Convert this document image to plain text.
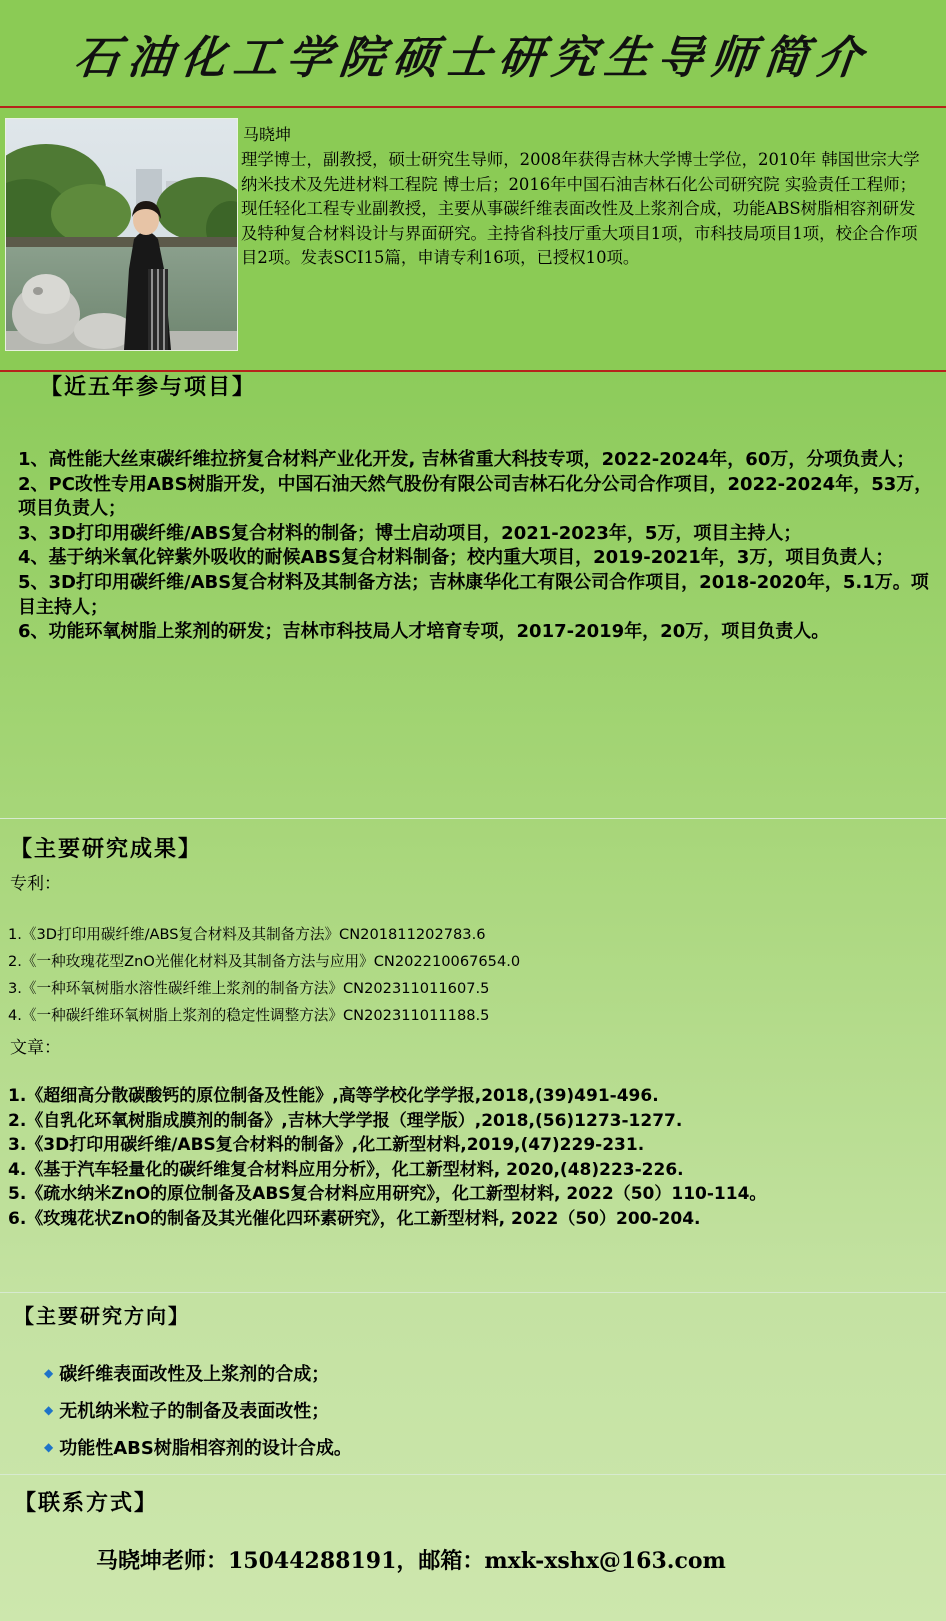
石油化工学院硕士研究生导师简介
马晓坤

理学博士，副教授，硕士研究生导师，2008年获得吉林大学博士学位，2010年 韩国世宗大学 纳米技术及先进材料工程院 博士后；2016年中国石油吉林石化公司研究院 实验责任工程师； 现任轻化工程专业副教授，主要从事碳纤维表面改性及上浆剂合成，功能ABS树脂相容剂研发及特种复合材料设计与界面研究。主持省科技厅重大项目1项，市科技局项目1项，校企合作项目2项。发表SCI15篇，申请专利16项，已授权10项。

【近五年参与项目】
1、高性能大丝束碳纤维拉挤复合材料产业化开发, 吉林省重大科技专项，2022-2024年，60万，分项负责人；
2、PC改性专用ABS树脂开发，中国石油天然气股份有限公司吉林石化分公司合作项目，2022-2024年，53万，项目负责人；
3、3D打印用碳纤维/ABS复合材料的制备；博士启动项目，2021-2023年，5万，项目主持人；
4、基于纳米氧化锌紫外吸收的耐候ABS复合材料制备；校内重大项目，2019-2021年，3万，项目负责人；
5、3D打印用碳纤维/ABS复合材料及其制备方法；吉林康华化工有限公司合作项目，2018-2020年，5.1万。项目主持人；
6、功能环氧树脂上浆剂的研发；吉林市科技局人才培育专项，2017-2019年，20万，项目负责人。
【主要研究成果】
专利：
1.《3D打印用碳纤维/ABS复合材料及其制备方法》CN201811202783.6
2.《一种玫瑰花型ZnO光催化材料及其制备方法与应用》CN202210067654.0
3.《一种环氧树脂水溶性碳纤维上浆剂的制备方法》CN202311011607.5
4.《一种碳纤维环氧树脂上浆剂的稳定性调整方法》CN202311011188.5
文章：
1.《超细高分散碳酸钙的原位制备及性能》,高等学校化学学报,2018,(39)491-496.
2.《自乳化环氧树脂成膜剂的制备》,吉林大学学报（理学版）,2018,(56)1273-1277.
3.《3D打印用碳纤维/ABS复合材料的制备》,化工新型材料,2019,(47)229-231.
4.《基于汽车轻量化的碳纤维复合材料应用分析》，化工新型材料, 2020,(48)223-226.
5.《疏水纳米ZnO的原位制备及ABS复合材料应用研究》，化工新型材料, 2022（50）110-114。
6.《玫瑰花状ZnO的制备及其光催化四环素研究》，化工新型材料, 2022（50）200-204.
【主要研究方向】
◆ 碳纤维表面改性及上浆剂的合成；
◆ 无机纳米粒子的制备及表面改性；
◆ 功能性ABS树脂相容剂的设计合成。
【联系方式】
马晓坤老师：15044288191，邮箱：mxk-xshx@163.com
